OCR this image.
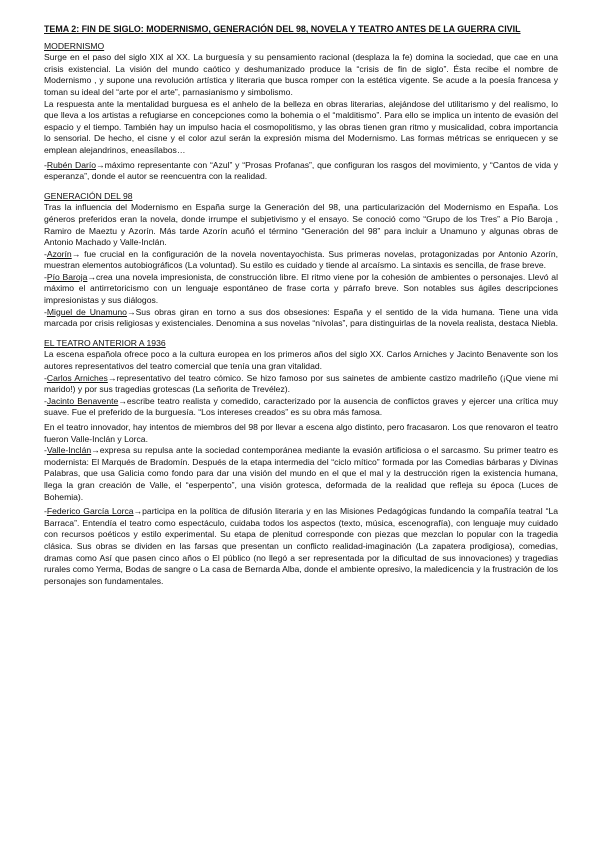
TEMA 2: FIN DE SIGLO: MODERNISMO, GENERACIÓN DEL 98, NOVELA Y TEATRO ANTES DE LA GUERRA CIVIL

MODERNISMO

Surge en el paso del siglo XIX al XX. La burguesía y su pensamiento racional (desplaza la fe) domina la sociedad, que cae en una crisis existencial. La visión del mundo caótico y deshumanizado produce la “crisis de fin de siglo”. Ésta recibe el nombre de Modernismo , y supone una revolución artística y literaria que busca romper con la estética vigente. Se acude a la poesía francesa y toman su ideal del “arte por el arte”, parnasianismo y simbolismo.

La respuesta ante la mentalidad burguesa es el anhelo de la belleza en obras literarias, alejándose del utilitarismo y del realismo, lo que lleva a los artistas a refugiarse en concepciones como la bohemia o el “malditismo”. Para ello se implica un intento de evasión del espacio y el tiempo. También hay un impulso hacia el cosmopolitismo, y las obras tienen gran ritmo y musicalidad, cobra importancia lo sensorial. De hecho, el cisne y el color azul serán la expresión misma del Modernismo. Las formas métricas se enriquecen y se emplean alejandrinos, eneasílabos…

-Rubén Darío→máximo representante con “Azul” y “Prosas Profanas”, que configuran los rasgos del movimiento, y “Cantos de vida y esperanza”, donde el autor se reencuentra con la realidad.

GENERACIÓN DEL 98

Tras la influencia del Modernismo en España surge la Generación del 98, una particularización del Modernismo en España. Los géneros preferidos eran la novela, donde irrumpe el subjetivismo y el ensayo. Se conoció como “Grupo de los Tres” a Pío Baroja , Ramiro de Maeztu y Azorín. Más tarde Azorín acuñó el término “Generación del 98” para incluir a Unamuno y algunas obras de Antonio Machado y Valle-Inclán.

-Azorín→ fue crucial en la configuración de la novela noventayochista. Sus primeras novelas, protagonizadas por Antonio Azorín, muestran elementos autobiográficos (La voluntad). Su estilo es cuidado y tiende al arcaísmo. La sintaxis es sencilla, de frase breve.

-Pío Baroja→crea una novela impresionista, de construcción libre. El ritmo viene por la cohesión de ambientes o personajes. Llevó al máximo el antirretoricismo con un lenguaje espontáneo de frase corta y párrafo breve. Son notables sus ágiles descripciones impresionistas y sus diálogos.

-Miguel de Unamuno→Sus obras giran en torno a sus dos obsesiones: España y el sentido de la vida humana. Tiene una vida marcada por crisis religiosas y existenciales. Denomina a sus novelas “nívolas”, para distinguirlas de la novela realista, destaca Niebla.

EL TEATRO ANTERIOR A 1936

La escena española ofrece poco a la cultura europea en los primeros años del siglo XX. Carlos Arniches y Jacinto Benavente son los autores representativos del teatro comercial que tenía una gran vitalidad.

-Carlos Arniches→representativo del teatro cómico. Se hizo famoso por sus sainetes de ambiente castizo madrileño (¡Que viene mi marido!) y por sus tragedias grotescas (La señorita de Trevélez).

-Jacinto Benavente→escribe teatro realista y comedido, caracterizado por la ausencia de conflictos graves y ejercer una crítica muy suave. Fue el preferido de la burguesía. “Los intereses creados” es su obra más famosa.

En el teatro innovador, hay intentos de miembros del 98 por llevar a escena algo distinto, pero fracasaron. Los que renovaron el teatro fueron Valle-Inclán y Lorca.

-Valle-Inclán→expresa su repulsa ante la sociedad contemporánea mediante la evasión artificiosa o el sarcasmo. Su primer teatro es modernista: El Marqués de Bradomín. Después de la etapa intermedia del “ciclo mítico” formada por las Comedias bárbaras y Divinas Palabras, que usa Galicia como fondo para dar una visión del mundo en el que el mal y la destrucción rigen la existencia humana, llega la gran creación de Valle, el “esperpento”, una visión grotesca, deformada de la realidad que refleja su época (Luces de Bohemia).

-Federico García Lorca→participa en la política de difusión literaria y en las Misiones Pedagógicas fundando la compañía teatral “La Barraca”. Entendía el teatro como espectáculo, cuidaba todos los aspectos (texto, música, escenografía), con lenguaje muy cuidado con recursos poéticos y estilo experimental. Su etapa de plenitud corresponde con piezas que mezclan lo popular con la tragedia clásica. Sus obras se dividen en las farsas que presentan un conflicto realidad-imaginación (La zapatera prodigiosa), comedias, dramas como Así que pasen cinco años o El público (no llegó a ser representada por la dificultad de sus innovaciones) y tragedias rurales como Yerma, Bodas de sangre o La casa de Bernarda Alba, donde el ambiente opresivo, la maledicencia y la frustración de los personajes son fundamentales.
